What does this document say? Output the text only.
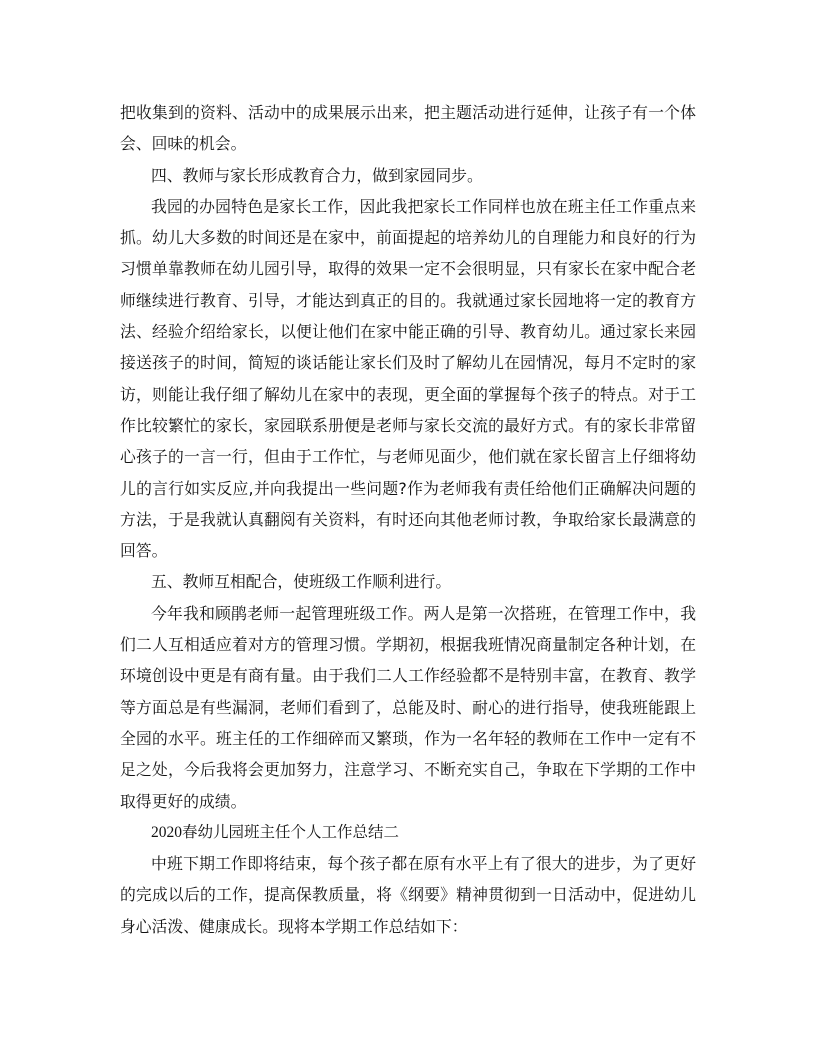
把收集到的资料、活动中的成果展示出来，把主题活动进行延伸，让孩子有一个体
会、回味的机会。
四、教师与家长形成教育合力，做到家园同步。
我园的办园特色是家长工作，因此我把家长工作同样也放在班主任工作重点来
抓。幼儿大多数的时间还是在家中，前面提起的培养幼儿的自理能力和良好的行为
习惯单靠教师在幼儿园引导，取得的效果一定不会很明显，只有家长在家中配合老
师继续进行教育、引导，才能达到真正的目的。我就通过家长园地将一定的教育方
法、经验介绍给家长，以便让他们在家中能正确的引导、教育幼儿。通过家长来园
接送孩子的时间，简短的谈话能让家长们及时了解幼儿在园情况，每月不定时的家
访，则能让我仔细了解幼儿在家中的表现，更全面的掌握每个孩子的特点。对于工
作比较繁忙的家长，家园联系册便是老师与家长交流的最好方式。有的家长非常留
心孩子的一言一行，但由于工作忙，与老师见面少，他们就在家长留言上仔细将幼
儿的言行如实反应,并向我提出一些问题?作为老师我有责任给他们正确解决问题的
方法，于是我就认真翻阅有关资料，有时还向其他老师讨教，争取给家长最满意的
回答。
五、教师互相配合，使班级工作顺利进行。
今年我和顾鹃老师一起管理班级工作。两人是第一次搭班，在管理工作中，我
们二人互相适应着对方的管理习惯。学期初，根据我班情况商量制定各种计划，在
环境创设中更是有商有量。由于我们二人工作经验都不是特别丰富，在教育、教学
等方面总是有些漏洞，老师们看到了，总能及时、耐心的进行指导，使我班能跟上
全园的水平。班主任的工作细碎而又繁琐，作为一名年轻的教师在工作中一定有不
足之处，今后我将会更加努力，注意学习、不断充实自己，争取在下学期的工作中
取得更好的成绩。
2020春幼儿园班主任个人工作总结二
中班下期工作即将结束，每个孩子都在原有水平上有了很大的进步，为了更好
的完成以后的工作，提高保教质量，将《纲要》精神贯彻到一日活动中，促进幼儿
身心活泼、健康成长。现将本学期工作总结如下：
